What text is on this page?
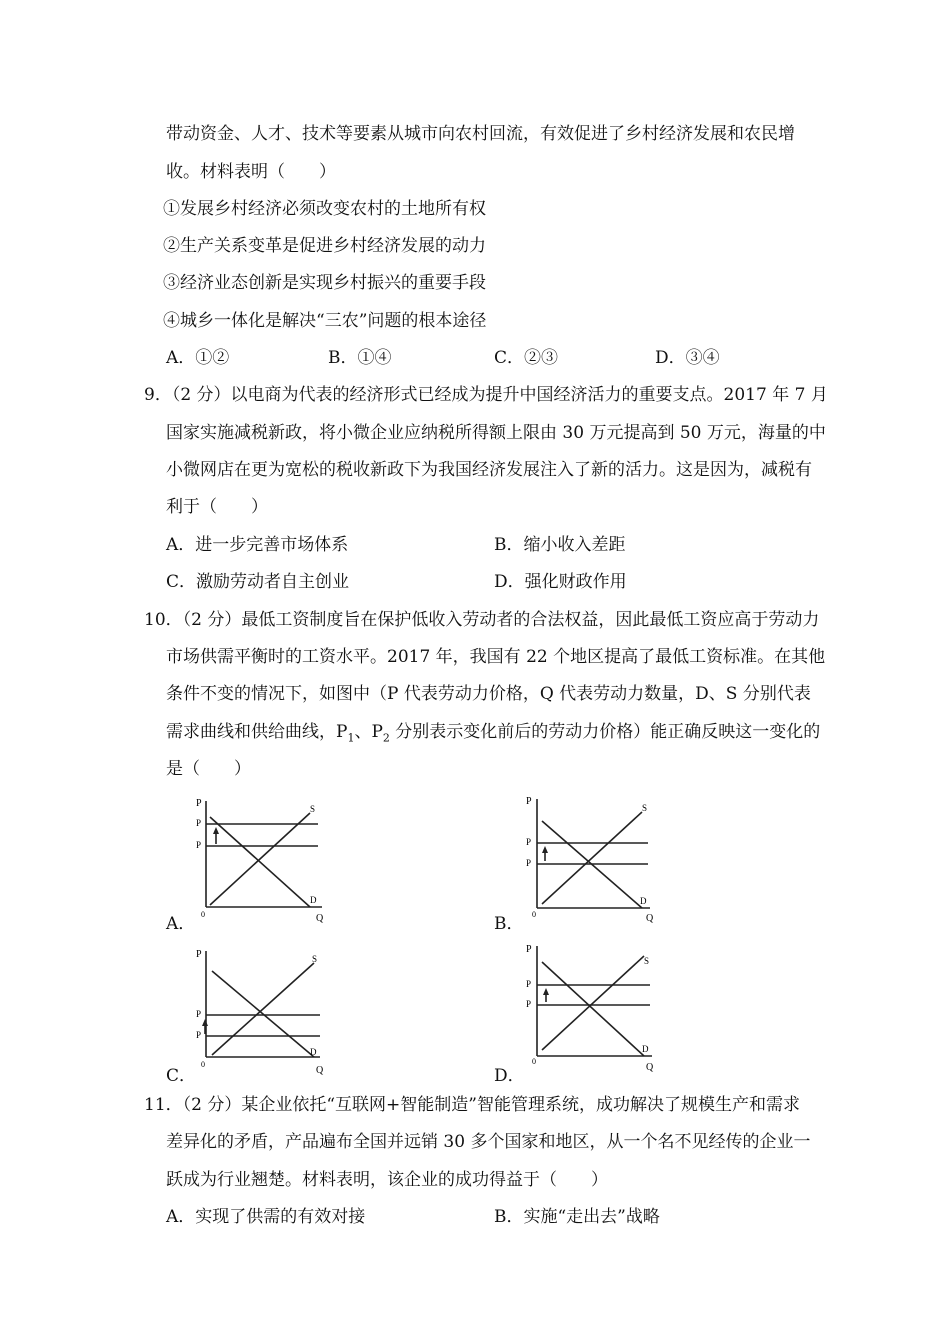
带动资金、人才、技术等要素从城市向农村回流，有效促进了乡村经济发展和农民增
收。材料表明（　　）
①发展乡村经济必须改变农村的土地所有权
②生产关系变革是促进乡村经济发展的动力
③经济业态创新是实现乡村振兴的重要手段
④城乡一体化是解决“三农”问题的根本途径
A．①②	B．①④	C．②③	D．③④
9．（2 分）以电商为代表的经济形式已经成为提升中国经济活力的重要支点。2017 年 7 月
国家实施减税新政，将小微企业应纳税所得额上限由 30 万元提高到 50 万元，海量的中
小微网店在更为宽松的税收新政下为我国经济发展注入了新的活力。这是因为，减税有
利于（　　）
A．进一步完善市场体系	B．缩小收入差距
C．激励劳动者自主创业	D．强化财政作用
10．（2 分）最低工资制度旨在保护低收入劳动者的合法权益，因此最低工资应高于劳动力
市场供需平衡时的工资水平。2017 年，我国有 22 个地区提高了最低工资标准。在其他
条件不变的情况下，如图中（P 代表劳动力价格，Q 代表劳动力数量，D、S 分别代表
需求曲线和供给曲线，$P_1$、$P_2$ 分别表示变化前后的劳动力价格）能正确反映这一变化的
是（　　）
A．
P
P
P
S
D
Q
0	B．
P
P
P
S
D
Q
0
C．
P
P
P
S
D
Q
0
D．
P
P
P
S
D
Q
0
11．（2 分）某企业依托“互联网+智能制造”智能管理系统，成功解决了规模生产和需求
差异化的矛盾，产品遍布全国并远销 30 多个国家和地区，从一个名不见经传的企业一
跃成为行业翘楚。材料表明，该企业的成功得益于（　　）
A．实现了供需的有效对接	B．实施“走出去”战略
